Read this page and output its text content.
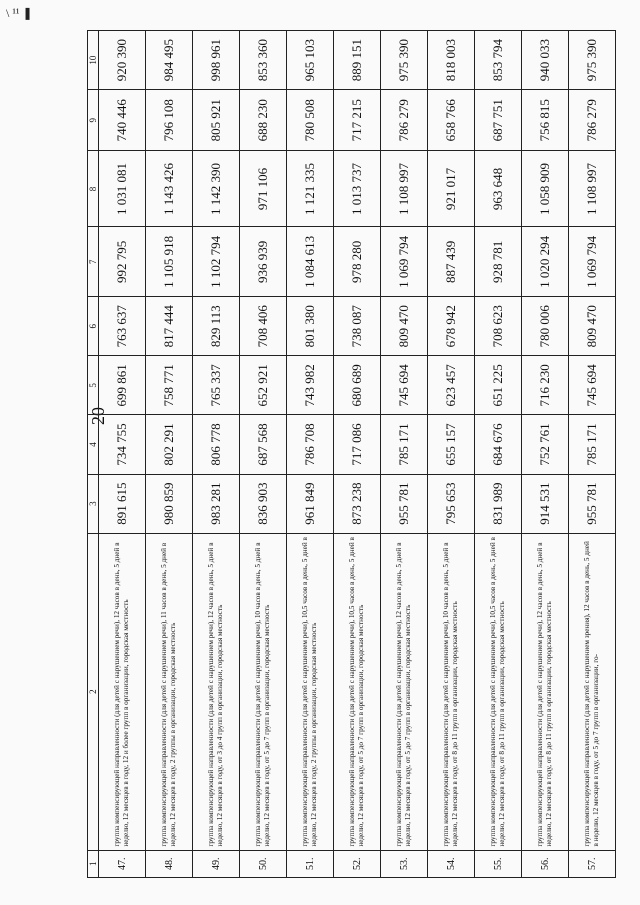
\ ¹¹ ❚
20
1	2	3	4	5	6	7	8	9	10
47.	группа компенсирующей направленности (для детей с нарушением речи), 12 часов в день, 5 дней в неделю, 12 месяцев в году, 12 и более групп в организации, городская местность	891 615	734 755	699 861	763 637	992 795	1 031 081	740 446	920 390
48.	группа компенсирующей направленности (для детей с нарушением речи), 11 часов в день, 5 дней в неделю, 12 месяцев в году, 2 группы в организации, городская местность	980 859	802 291	758 771	817 444	1 105 918	1 143 426	796 108	984 495
49.	группа компенсирующей направленности (для детей с нарушением речи), 12 часов в день, 5 дней в неделю, 12 месяцев в году, от 3 до 4 групп в организации, городская местность	983 281	806 778	765 337	829 113	1 102 794	1 142 390	805 921	998 961
50.	группа компенсирующей направленности (для детей с нарушением речи), 10 часов в день, 5 дней в неделю, 12 месяцев в году, от 5 до 7 групп в организации, городская местность	836 903	687 568	652 921	708 406	936 939	971 106	688 230	853 360
51.	группа компенсирующей направленности (для детей с нарушением речи), 10,5 часов в день, 5 дней в неделю, 12 месяцев в году, 2 группы в организации, городская местность	961 849	786 708	743 982	801 380	1 084 613	1 121 335	780 508	965 103
52.	группа компенсирующей направленности (для детей с нарушением речи), 10,5 часов в день, 5 дней в неделю, 12 месяцев в году, от 5 до 7 групп в организации, городская местность	873 238	717 086	680 689	738 087	978 280	1 013 737	717 215	889 151
53.	группа компенсирующей направленности (для детей с нарушением речи), 12 часов в день, 5 дней в неделю, 12 месяцев в году, от 5 до 7 групп в организации, городская местность	955 781	785 171	745 694	809 470	1 069 794	1 108 997	786 279	975 390
54.	группа компенсирующей направленности (для детей с нарушением речи), 10 часов в день, 5 дней в неделю, 12 месяцев в году, от 8 до 11 групп в организации, городская местность	795 653	655 157	623 457	678 942	887 439	921 017	658 766	818 003
55.	группа компенсирующей направленности (для детей с нарушением речи), 10,5 часов в день, 5 дней в неделю, 12 месяцев в году, от 8 до 11 групп в организации, городская местность	831 989	684 676	651 225	708 623	928 781	963 648	687 751	853 794
56.	группа компенсирующей направленности (для детей с нарушением речи), 12 часов в день, 5 дней в неделю, 12 месяцев в году, от 8 до 11 групп в организации, городская местность	914 531	752 761	716 230	780 006	1 020 294	1 058 909	756 815	940 033
57.	группа компенсирующей направленности (для детей с нарушением зрения), 12 часов в день, 5 дней в неделю, 12 месяцев в году, от 5 до 7 групп в организации, го-	955 781	785 171	745 694	809 470	1 069 794	1 108 997	786 279	975 390
